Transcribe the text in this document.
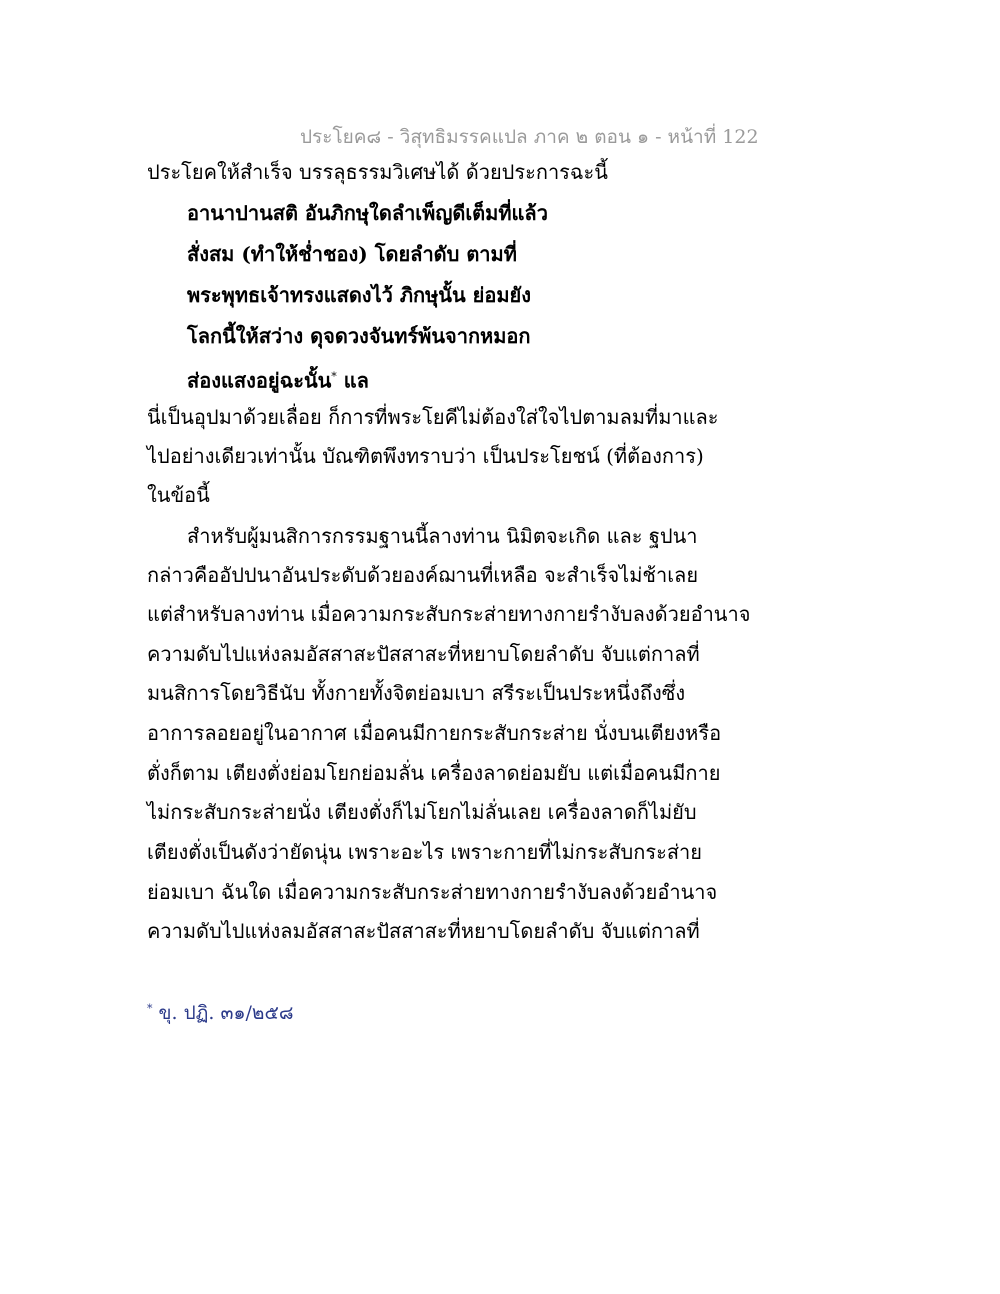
ประโยค๘ - วิสุทธิมรรคแปล ภาค ๒ ตอน ๑ - หน้าที่ 122
ประโยคให้สำเร็จ บรรลุธรรมวิเศษได้ ด้วยประการฉะนี้
อานาปานสติ อันภิกษุใดลำเพ็ญดีเต็มที่แล้ว
สั่งสม (ทำให้ช่ำชอง) โดยลำดับ ตามที่
พระพุทธเจ้าทรงแสดงไว้ ภิกษุนั้น ย่อมยัง
โลกนี้ให้สว่าง ดุจดวงจันทร์พ้นจากหมอก
ส่องแสงอยู่ฉะนั้น* แล
นี่เป็นอุปมาด้วยเลื่อย ก็การที่พระโยคีไม่ต้องใส่ใจไปตามลมที่มาและ
ไปอย่างเดียวเท่านั้น บัณฑิตพึงทราบว่า เป็นประโยชน์ (ที่ต้องการ)
ในข้อนี้
สำหรับผู้มนสิการกรรมฐานนี้ลางท่าน นิมิตจะเกิด และ ฐปนา
กล่าวคืออัปปนาอันประดับด้วยองค์ฌานที่เหลือ จะสำเร็จไม่ช้าเลย
แต่สำหรับลางท่าน เมื่อความกระสับกระส่ายทางกายรำงับลงด้วยอำนาจ
ความดับไปแห่งลมอัสสาสะปัสสาสะที่หยาบโดยลำดับ จับแต่กาลที่
มนสิการโดยวิธีนับ ทั้งกายทั้งจิตย่อมเบา สรีระเป็นประหนึ่งถึงซึ่ง
อาการลอยอยู่ในอากาศ เมื่อคนมีกายกระสับกระส่าย นั่งบนเตียงหรือ
ตั่งก็ตาม เตียงตั่งย่อมโยกย่อมลั่น เครื่องลาดย่อมยับ แต่เมื่อคนมีกาย
ไม่กระสับกระส่ายนั่ง เตียงตั่งก็ไม่โยกไม่ลั่นเลย เครื่องลาดก็ไม่ยับ
เตียงตั่งเป็นดังว่ายัดนุ่น เพราะอะไร เพราะกายที่ไม่กระสับกระส่าย
ย่อมเบา ฉันใด เมื่อความกระสับกระส่ายทางกายรำงับลงด้วยอำนาจ
ความดับไปแห่งลมอัสสาสะปัสสาสะที่หยาบโดยลำดับ จับแต่กาลที่
* ขุ. ปฏิ. ๓๑/๒๕๘
